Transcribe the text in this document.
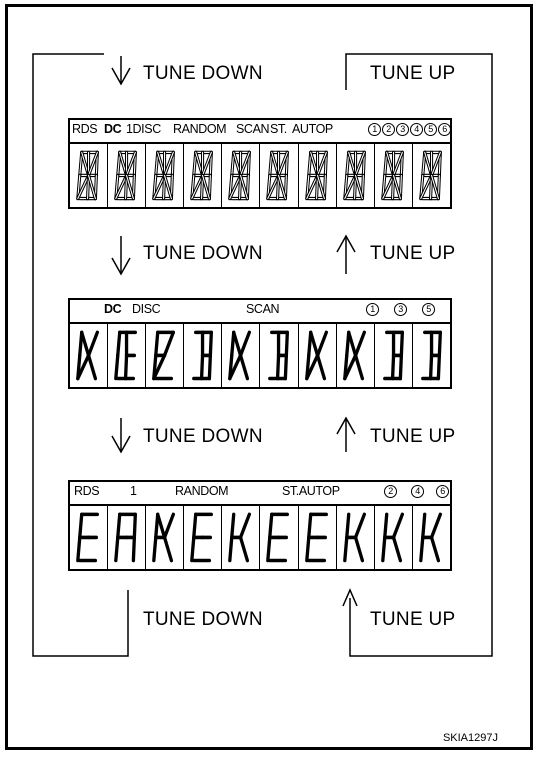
TUNE DOWN	TUNE UP
TUNE DOWN	TUNE UP
TUNE DOWN	TUNE UP
TUNE DOWN	TUNE UP
RDS DC 1DISC RANDOM SCAN ST. AUTOP	1 2 3 4 5 6
DC DISC	SCAN	1	3	5
RDS 1	RANDOM	ST.AUTOP	2	4	6
SKIA1297J
